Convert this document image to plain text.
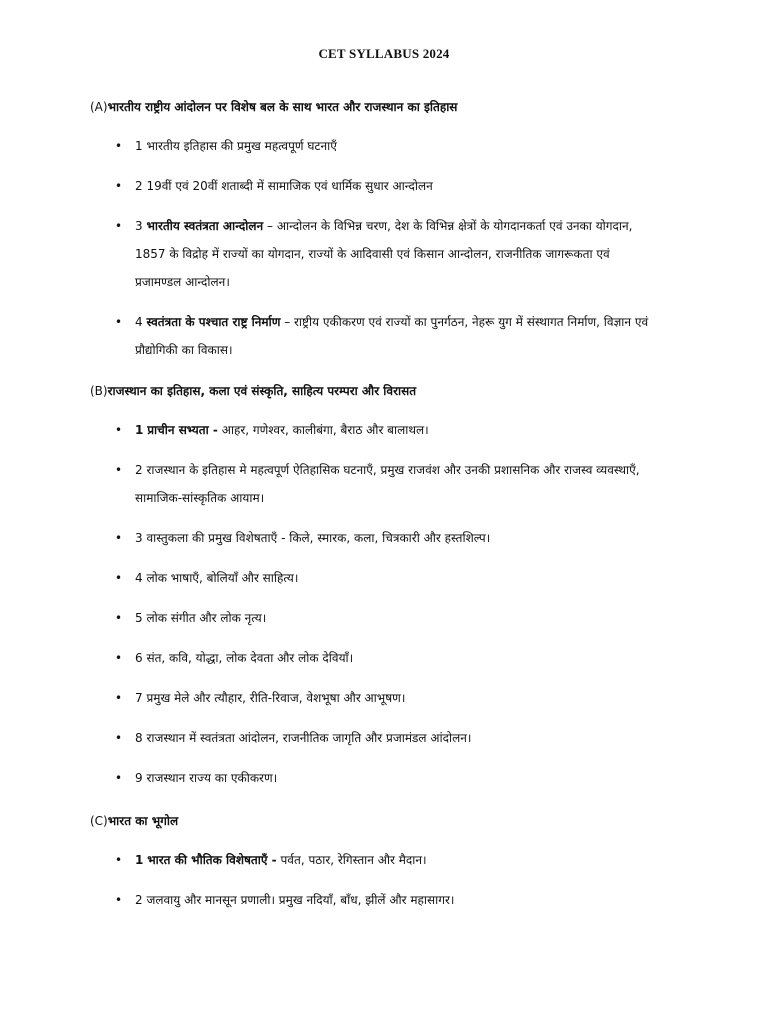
CET SYLLABUS 2024
(A)भारतीय राष्ट्रीय आंदोलन पर विशेष बल के साथ भारत और राजस्थान का इतिहास
• 1 भारतीय इतिहास की प्रमुख महत्वपूर्ण घटनाएँ
• 2 19वीं एवं 20वीं शताब्दी में सामाजिक एवं धार्मिक सुधार आन्दोलन
• 3 भारतीय स्वतंत्रता आन्दोलन – आन्दोलन के विभिन्न चरण, देश के विभिन्न क्षेत्रों के योगदानकर्ता एवं उनका योगदान, 1857 के विद्रोह में राज्यों का योगदान, राज्यों के आदिवासी एवं किसान आन्दोलन, राजनीतिक जागरूकता एवं प्रजामण्डल आन्दोलन।
• 4 स्वतंत्रता के पश्चात राष्ट्र निर्माण – राष्ट्रीय एकीकरण एवं राज्यों का पुनर्गठन, नेहरू युग में संस्थागत निर्माण, विज्ञान एवं प्रौद्योगिकी का विकास।
(B)राजस्थान का इतिहास, कला एवं संस्कृति, साहित्य परम्परा और विरासत
• 1 प्राचीन सभ्यता - आहर, गणेश्वर, कालीबंगा, बैराठ और बालाथल।
• 2 राजस्थान के इतिहास मे महत्वपूर्ण ऐतिहासिक घटनाएँ, प्रमुख राजवंश और उनकी प्रशासनिक और राजस्व व्यवस्थाएँ, सामाजिक-सांस्कृतिक आयाम।
• 3 वास्तुकला की प्रमुख विशेषताएँ - किले, स्मारक, कला, चित्रकारी और हस्तशिल्प।
• 4 लोक भाषाएँ, बोलियाँ और साहित्य।
• 5 लोक संगीत और लोक नृत्य।
• 6 संत, कवि, योद्धा, लोक देवता और लोक देवियाँ।
• 7 प्रमुख मेले और त्यौहार, रीति-रिवाज, वेशभूषा और आभूषण।
• 8 राजस्थान में स्वतंत्रता आंदोलन, राजनीतिक जागृति और प्रजामंडल आंदोलन।
• 9 राजस्थान राज्य का एकीकरण।
(C)भारत का भूगोल
• 1 भारत की भौतिक विशेषताएँ - पर्वत, पठार, रेगिस्तान और मैदान।
• 2 जलवायु और मानसून प्रणाली। प्रमुख नदियाँ, बाँध, झीलें और महासागर।
